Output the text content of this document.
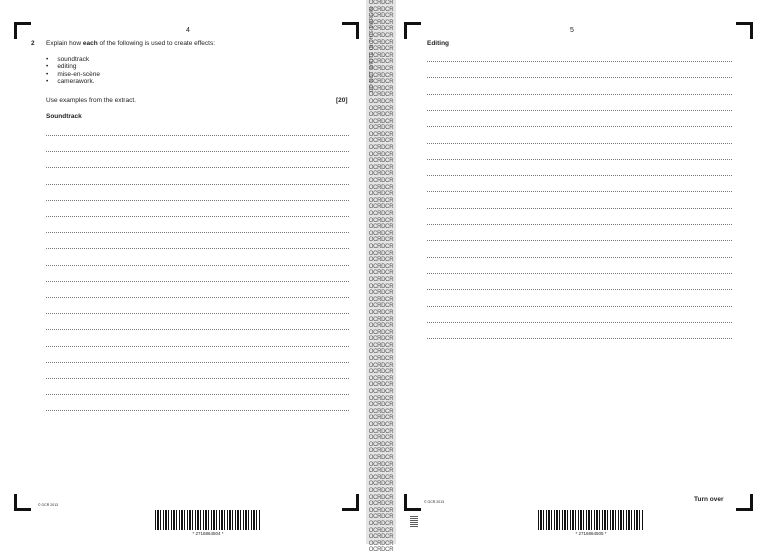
4
2 Explain how each of the following is used to create effects:
•     soundtrack
•     editing
•     mise-en-scène
•     camerawork.
Use examples from the extract.	[20]
Soundtrack
© OCR 2013
* 2716864504 *
OCRDCR
OCRDCR
OCRDCR
OCRDCR
OCRDCR
OCRDCR
OCRDCR
OCRDCR
OCRDCR
OCRDCR
OCRDCR
OCRDCR
OCRDCR
OCRDCR
OCRDCR
OCRDCR
OCRDCR
OCRDCR
OCRDCR
OCRDCR
OCRDCR
OCRDCR
OCRDCR
OCRDCR
OCRDCR
OCRDCR
OCRDCR
OCRDCR
OCRDCR
OCRDCR
OCRDCR
OCRDCR
OCRDCR
OCRDCR
OCRDCR
OCRDCR
OCRDCR
OCRDCR
OCRDCR
OCRDCR
OCRDCR
OCRDCR
OCRDCR
OCRDCR
OCRDCR
OCRDCR
OCRDCR
OCRDCR
OCRDCR
OCRDCR
OCRDCR
OCRDCR
OCRDCR
OCRDCR
OCRDCR
OCRDCR
OCRDCR
OCRDCR
OCRDCR
OCRDCR
OCRDCR
OCRDCR
OCRDCR
OCRDCR
OCRDCR
OCRDCR
OCRDCR
OCRDCR
OCRDCR
OCRDCR
OCRDCR
OCRDCR
OCRDCR
OCRDCR
OCRDCR
OCRDCR
OCRDCR
OCRDCR
OCRDCR
OCRDCR
OCRDCR
OCRDCR
OCRDCR
OCRDCR
DO NOT WRITE IN THIS MARGIN	5
Editing
© OCR 2013
* 2716864505 *
Turn over
